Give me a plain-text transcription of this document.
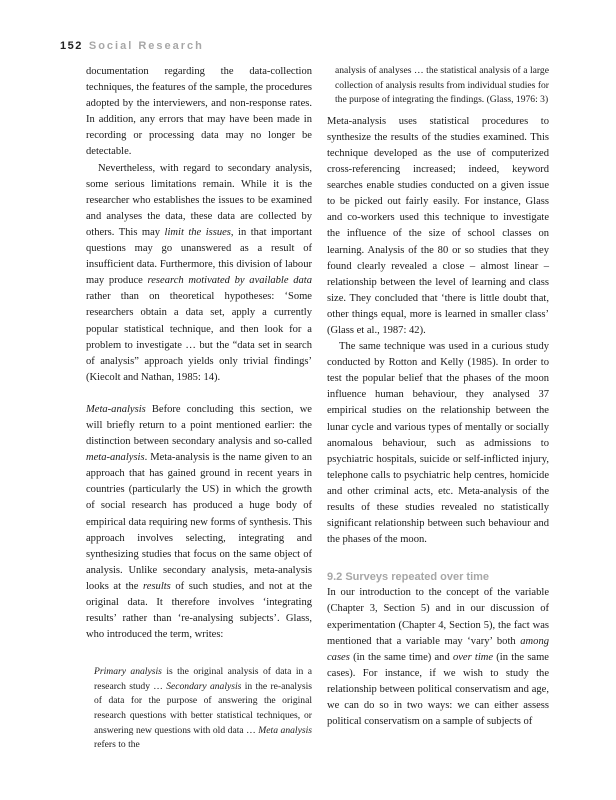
152 Social Research

documentation regarding the data-collection techniques, the features of the sample, the procedures adopted by the interviewers, and non-response rates. In addition, any errors that may have been made in recording or processing data may no longer be detectable.

Nevertheless, with regard to secondary analysis, some serious limitations remain. While it is the researcher who establishes the issues to be examined and analyses the data, these data are collected by others. This may limit the issues, in that important questions may go unanswered as a result of insufficient data. Furthermore, this division of labour may produce research motivated by available data rather than on theoretical hypotheses: ‘Some researchers obtain a data set, apply a currently popular statistical technique, and then look for a problem to investigate … but the “data set in search of analysis” approach yields only trivial findings’ (Kiecolt and Nathan, 1985: 14).

Meta-analysis Before concluding this section, we will briefly return to a point mentioned earlier: the distinction between secondary analysis and so-called meta-analysis. Meta-analysis is the name given to an approach that has gained ground in recent years in countries (particularly the US) in which the growth of social research has produced a huge body of empirical data requiring new forms of synthesis. This approach involves selecting, integrating and synthesizing studies that focus on the same object of analysis. Unlike secondary analysis, meta-analysis looks at the results of such studies, and not at the original data. It therefore involves ‘integrating results’ rather than ‘re-analysing subjects’. Glass, who introduced the term, writes:

Primary analysis is the original analysis of data in a research study … Secondary analysis in the re-analysis of data for the purpose of answering the original research questions with better statistical techniques, or answering new questions with old data … Meta analysis refers to the

analysis of analyses … the statistical analysis of a large collection of analysis results from individual studies for the purpose of integrating the findings. (Glass, 1976: 3)

Meta-analysis uses statistical procedures to synthesize the results of the studies examined. This technique developed as the use of computerized cross-referencing increased; indeed, keyword searches enable studies conducted on a given issue to be picked out fairly easily. For instance, Glass and co-workers used this technique to investigate the influence of the size of school classes on learning. Analysis of the 80 or so studies that they found clearly revealed a close – almost linear – relationship between the level of learning and class size. They concluded that ‘there is little doubt that, other things equal, more is learned in smaller class’ (Glass et al., 1987: 42).

The same technique was used in a curious study conducted by Rotton and Kelly (1985). In order to test the popular belief that the phases of the moon influence human behaviour, they analysed 37 empirical studies on the relationship between the lunar cycle and various types of mentally or socially anomalous behaviour, such as admissions to psychiatric hospitals, suicide or self-inflicted injury, telephone calls to psychiatric help centres, homicide and other criminal acts, etc. Meta-analysis of the results of these studies revealed no statistically significant relationship between such behaviour and the phases of the moon.

9.2 Surveys repeated over time

In our introduction to the concept of the variable (Chapter 3, Section 5) and in our discussion of experimentation (Chapter 4, Section 5), the fact was mentioned that a variable may ‘vary’ both among cases (in the same time) and over time (in the same cases). For instance, if we wish to study the relationship between political conservatism and age, we can do so in two ways: we can either assess political conservatism on a sample of subjects of
